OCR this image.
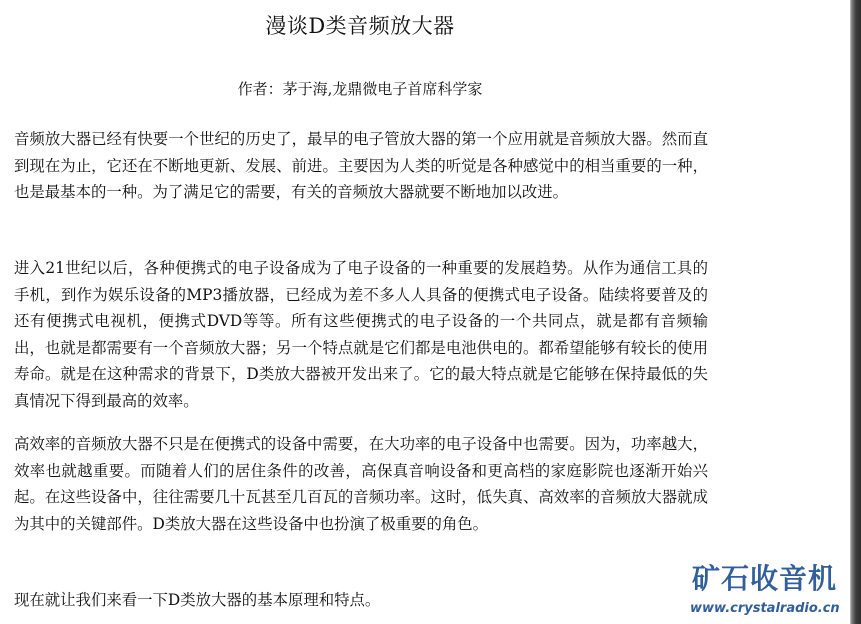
漫谈D类音频放大器
作者：茅于海,龙鼎微电子首席科学家

音频放大器已经有快要一个世纪的历史了，最早的电子管放大器的第一个应用就是音频放大器。然而直到现在为止，它还在不断地更新、发展、前进。主要因为人类的听觉是各种感觉中的相当重要的一种，也是最基本的一种。为了满足它的需要，有关的音频放大器就要不断地加以改进。

进入21世纪以后，各种便携式的电子设备成为了电子设备的一种重要的发展趋势。从作为通信工具的手机，到作为娱乐设备的MP3播放器，已经成为差不多人人具备的便携式电子设备。陆续将要普及的还有便携式电视机，便携式DVD等等。所有这些便携式的电子设备的一个共同点，就是都有音频输出，也就是都需要有一个音频放大器；另一个特点就是它们都是电池供电的。都希望能够有较长的使用寿命。就是在这种需求的背景下，D类放大器被开发出来了。它的最大特点就是它能够在保持最低的失真情况下得到最高的效率。

高效率的音频放大器不只是在便携式的设备中需要，在大功率的电子设备中也需要。因为，功率越大，效率也就越重要。而随着人们的居住条件的改善，高保真音响设备和更高档的家庭影院也逐渐开始兴起。在这些设备中，往往需要几十瓦甚至几百瓦的音频功率。这时，低失真、高效率的音频放大器就成为其中的关键部件。D类放大器在这些设备中也扮演了极重要的角色。

现在就让我们来看一下D类放大器的基本原理和特点。

矿石收音机
www.crystalradio.cn
